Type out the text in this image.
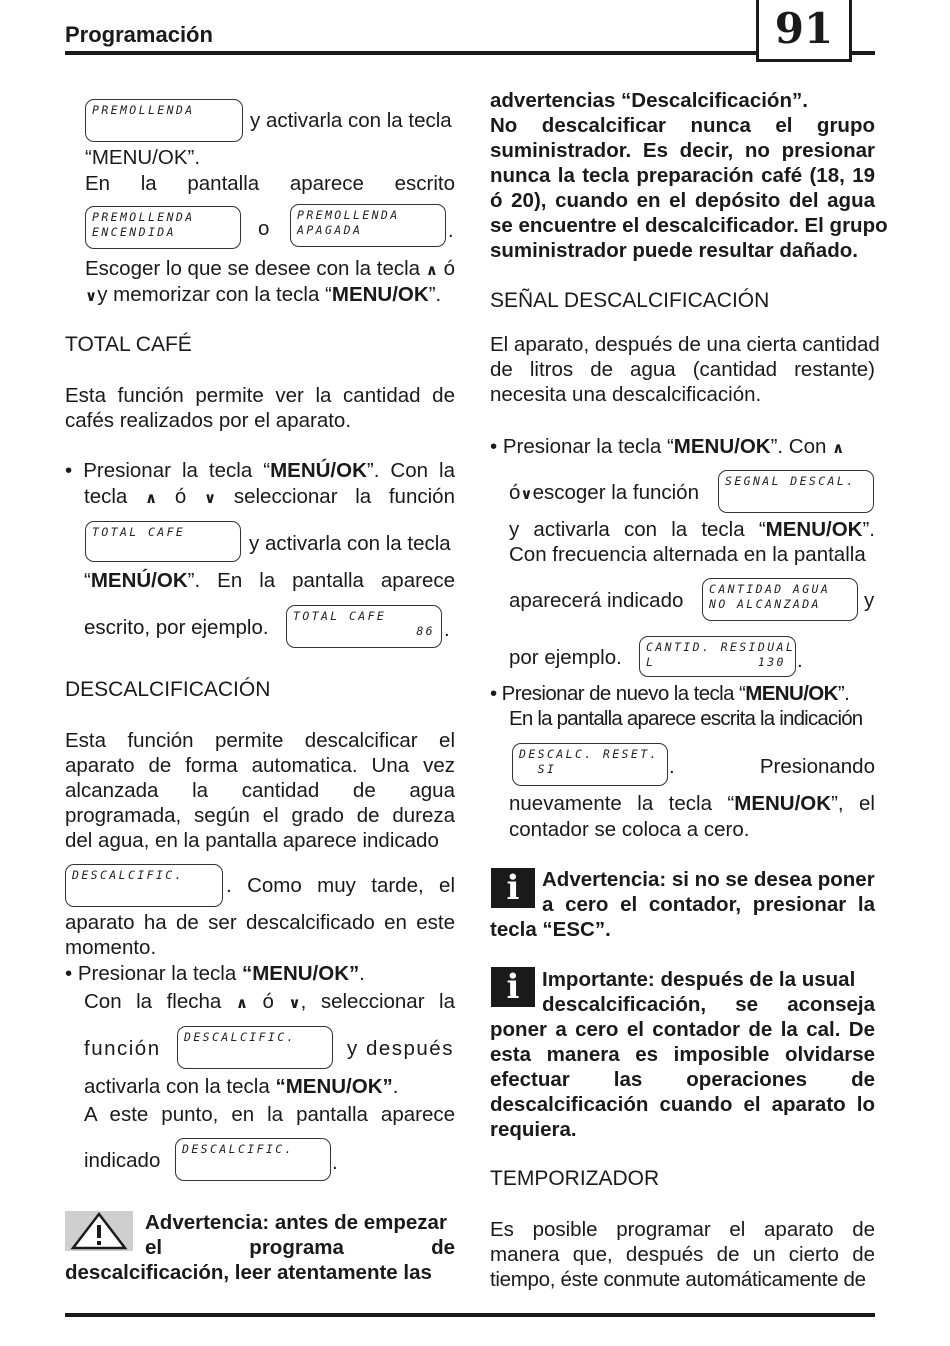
Programación	91
PREMOLLENDA	y activarla con la tecla
“MENU/OK”.
En la pantalla aparece escrito
PREMOLLENDA
ENCENDIDA	o
PREMOLLENDA
APAGADA	.
Escoger lo que se desee con la tecla ∧ ó
∨y memorizar con la tecla “MENU/OK”.
TOTAL CAFÉ
Esta función permite ver la cantidad de
cafés realizados por el aparato.
• Presionar la tecla “MENÚ/OK”. Con la
tecla ∧ ó ∨ seleccionar la función
TOTAL CAFE	y activarla con la tecla
“MENÚ/OK”. En la pantalla aparece
escrito, por ejemplo. TOTAL CAFE
86 .
DESCALCIFICACIÓN
Esta función permite descalcificar el
aparato de forma automatica. Una vez
alcanzada la cantidad de agua
programada, según el grado de dureza
del agua, en la pantalla aparece indicado
DESCALCIFIC.	. Como muy tarde, el
aparato ha de ser descalcificado en este
momento.
• Presionar la tecla “MENU/OK”.
Con la flecha ∧ ó ∨, seleccionar la
función DESCALCIFIC.	y después
activarla con la tecla “MENU/OK”.
A este punto, en la pantalla aparece
indicado DESCALCIFIC.
.
Advertencia: antes de empezar
el programa de
descalcificación, leer atentamente las
advertencias “Descalcificación”.
No descalcificar nunca el grupo
suministrador. Es decir, no presionar
nunca la tecla preparación café (18, 19
ó 20), cuando en el depósito del agua
se encuentre el descalcificador. El grupo
suministrador puede resultar dañado.
SEÑAL DESCALCIFICACIÓN
El aparato, después de una cierta cantidad
de litros de agua (cantidad restante)
necesita una descalcificación.
• Presionar la tecla “MENU/OK”. Con ∧
ó∨escoger la función SEGNAL DESCAL.
y activarla con la tecla “MENU/OK”.
Con frecuencia alternada en la pantalla
aparecerá indicado CANTIDAD AGUA
NO ALCANZADA	y
por ejemplo. CANTID. RESIDUAL
L           130 .
• Presionar de nuevo la tecla “MENU/OK”.
En la pantalla aparece escrita la indicación
DESCALC. RESET.
SI	. Presionando
nuevamente la tecla “MENU/OK”, el
contador se coloca a cero.
i	Advertencia: si no se desea poner
a cero el contador, presionar la
tecla “ESC”.
i	Importante: después de la usual
descalcificación, se aconseja
poner a cero el contador de la cal. De
esta manera es imposible olvidarse
efectuar las operaciones de
descalcificación cuando el aparato lo
requiera.
TEMPORIZADOR
Es posible programar el aparato de
manera que, después de un cierto de
tiempo, éste conmute automáticamente de
